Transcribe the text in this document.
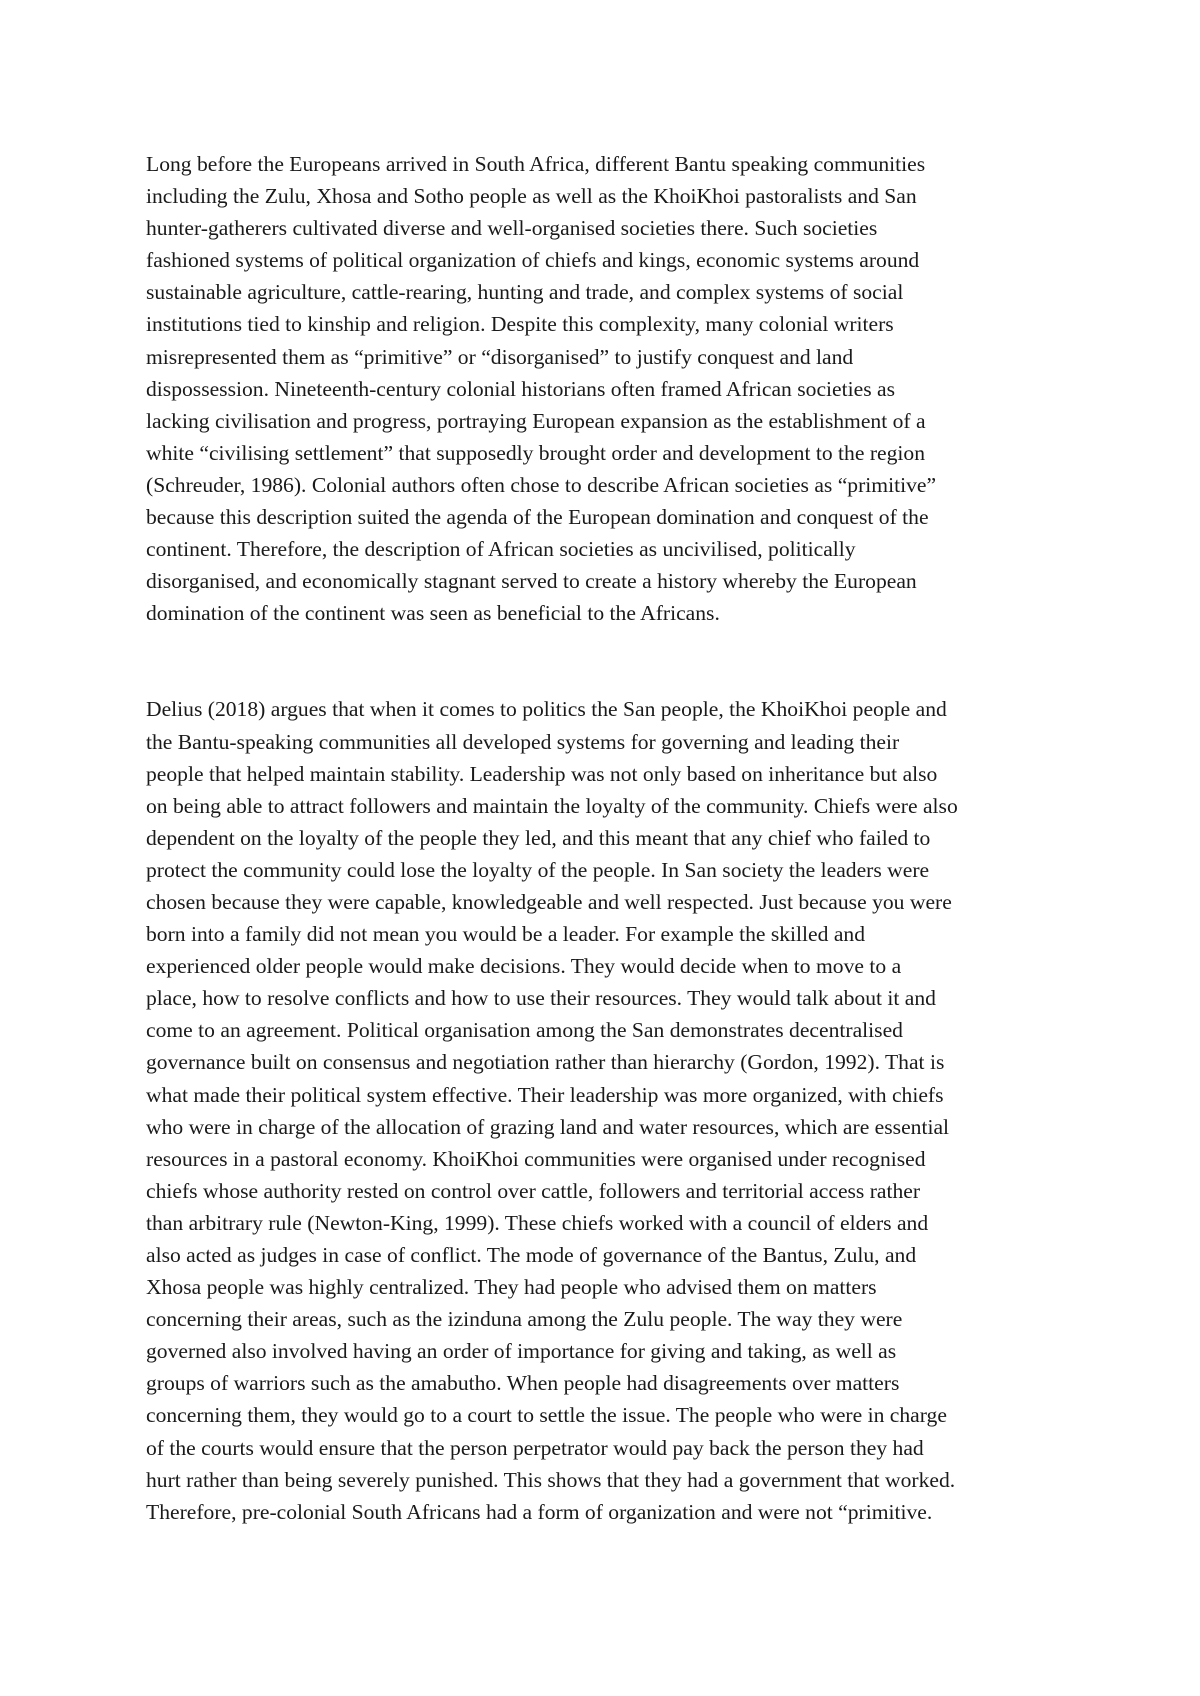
Long before the Europeans arrived in South Africa, different Bantu speaking communities
including the Zulu, Xhosa and Sotho people as well as the KhoiKhoi pastoralists and San
hunter-gatherers cultivated diverse and well-organised societies there. Such societies
fashioned systems of political organization of chiefs and kings, economic systems around
sustainable agriculture, cattle-rearing, hunting and trade, and complex systems of social
institutions tied to kinship and religion. Despite this complexity, many colonial writers
misrepresented them as “primitive” or “disorganised” to justify conquest and land
dispossession. Nineteenth-century colonial historians often framed African societies as
lacking civilisation and progress, portraying European expansion as the establishment of a
white “civilising settlement” that supposedly brought order and development to the region
(Schreuder, 1986). Colonial authors often chose to describe African societies as “primitive”
because this description suited the agenda of the European domination and conquest of the
continent. Therefore, the description of African societies as uncivilised, politically
disorganised, and economically stagnant served to create a history whereby the European
domination of the continent was seen as beneficial to the Africans.

Delius (2018) argues that when it comes to politics the San people, the KhoiKhoi people and
the Bantu-speaking communities all developed systems for governing and leading their
people that helped maintain stability. Leadership was not only based on inheritance but also
on being able to attract followers and maintain the loyalty of the community. Chiefs were also
dependent on the loyalty of the people they led, and this meant that any chief who failed to
protect the community could lose the loyalty of the people. In San society the leaders were
chosen because they were capable, knowledgeable and well respected. Just because you were
born into a family did not mean you would be a leader. For example the skilled and
experienced older people would make decisions. They would decide when to move to a
place, how to resolve conflicts and how to use their resources. They would talk about it and
come to an agreement. Political organisation among the San demonstrates decentralised
governance built on consensus and negotiation rather than hierarchy (Gordon, 1992). That is
what made their political system effective. Their leadership was more organized, with chiefs
who were in charge of the allocation of grazing land and water resources, which are essential
resources in a pastoral economy. KhoiKhoi communities were organised under recognised
chiefs whose authority rested on control over cattle, followers and territorial access rather
than arbitrary rule (Newton-King, 1999). These chiefs worked with a council of elders and
also acted as judges in case of conflict. The mode of governance of the Bantus, Zulu, and
Xhosa people was highly centralized. They had people who advised them on matters
concerning their areas, such as the izinduna among the Zulu people. The way they were
governed also involved having an order of importance for giving and taking, as well as
groups of warriors such as the amabutho. When people had disagreements over matters
concerning them, they would go to a court to settle the issue. The people who were in charge
of the courts would ensure that the person perpetrator would pay back the person they had
hurt rather than being severely punished. This shows that they had a government that worked.
Therefore, pre-colonial South Africans had a form of organization and were not “primitive.
